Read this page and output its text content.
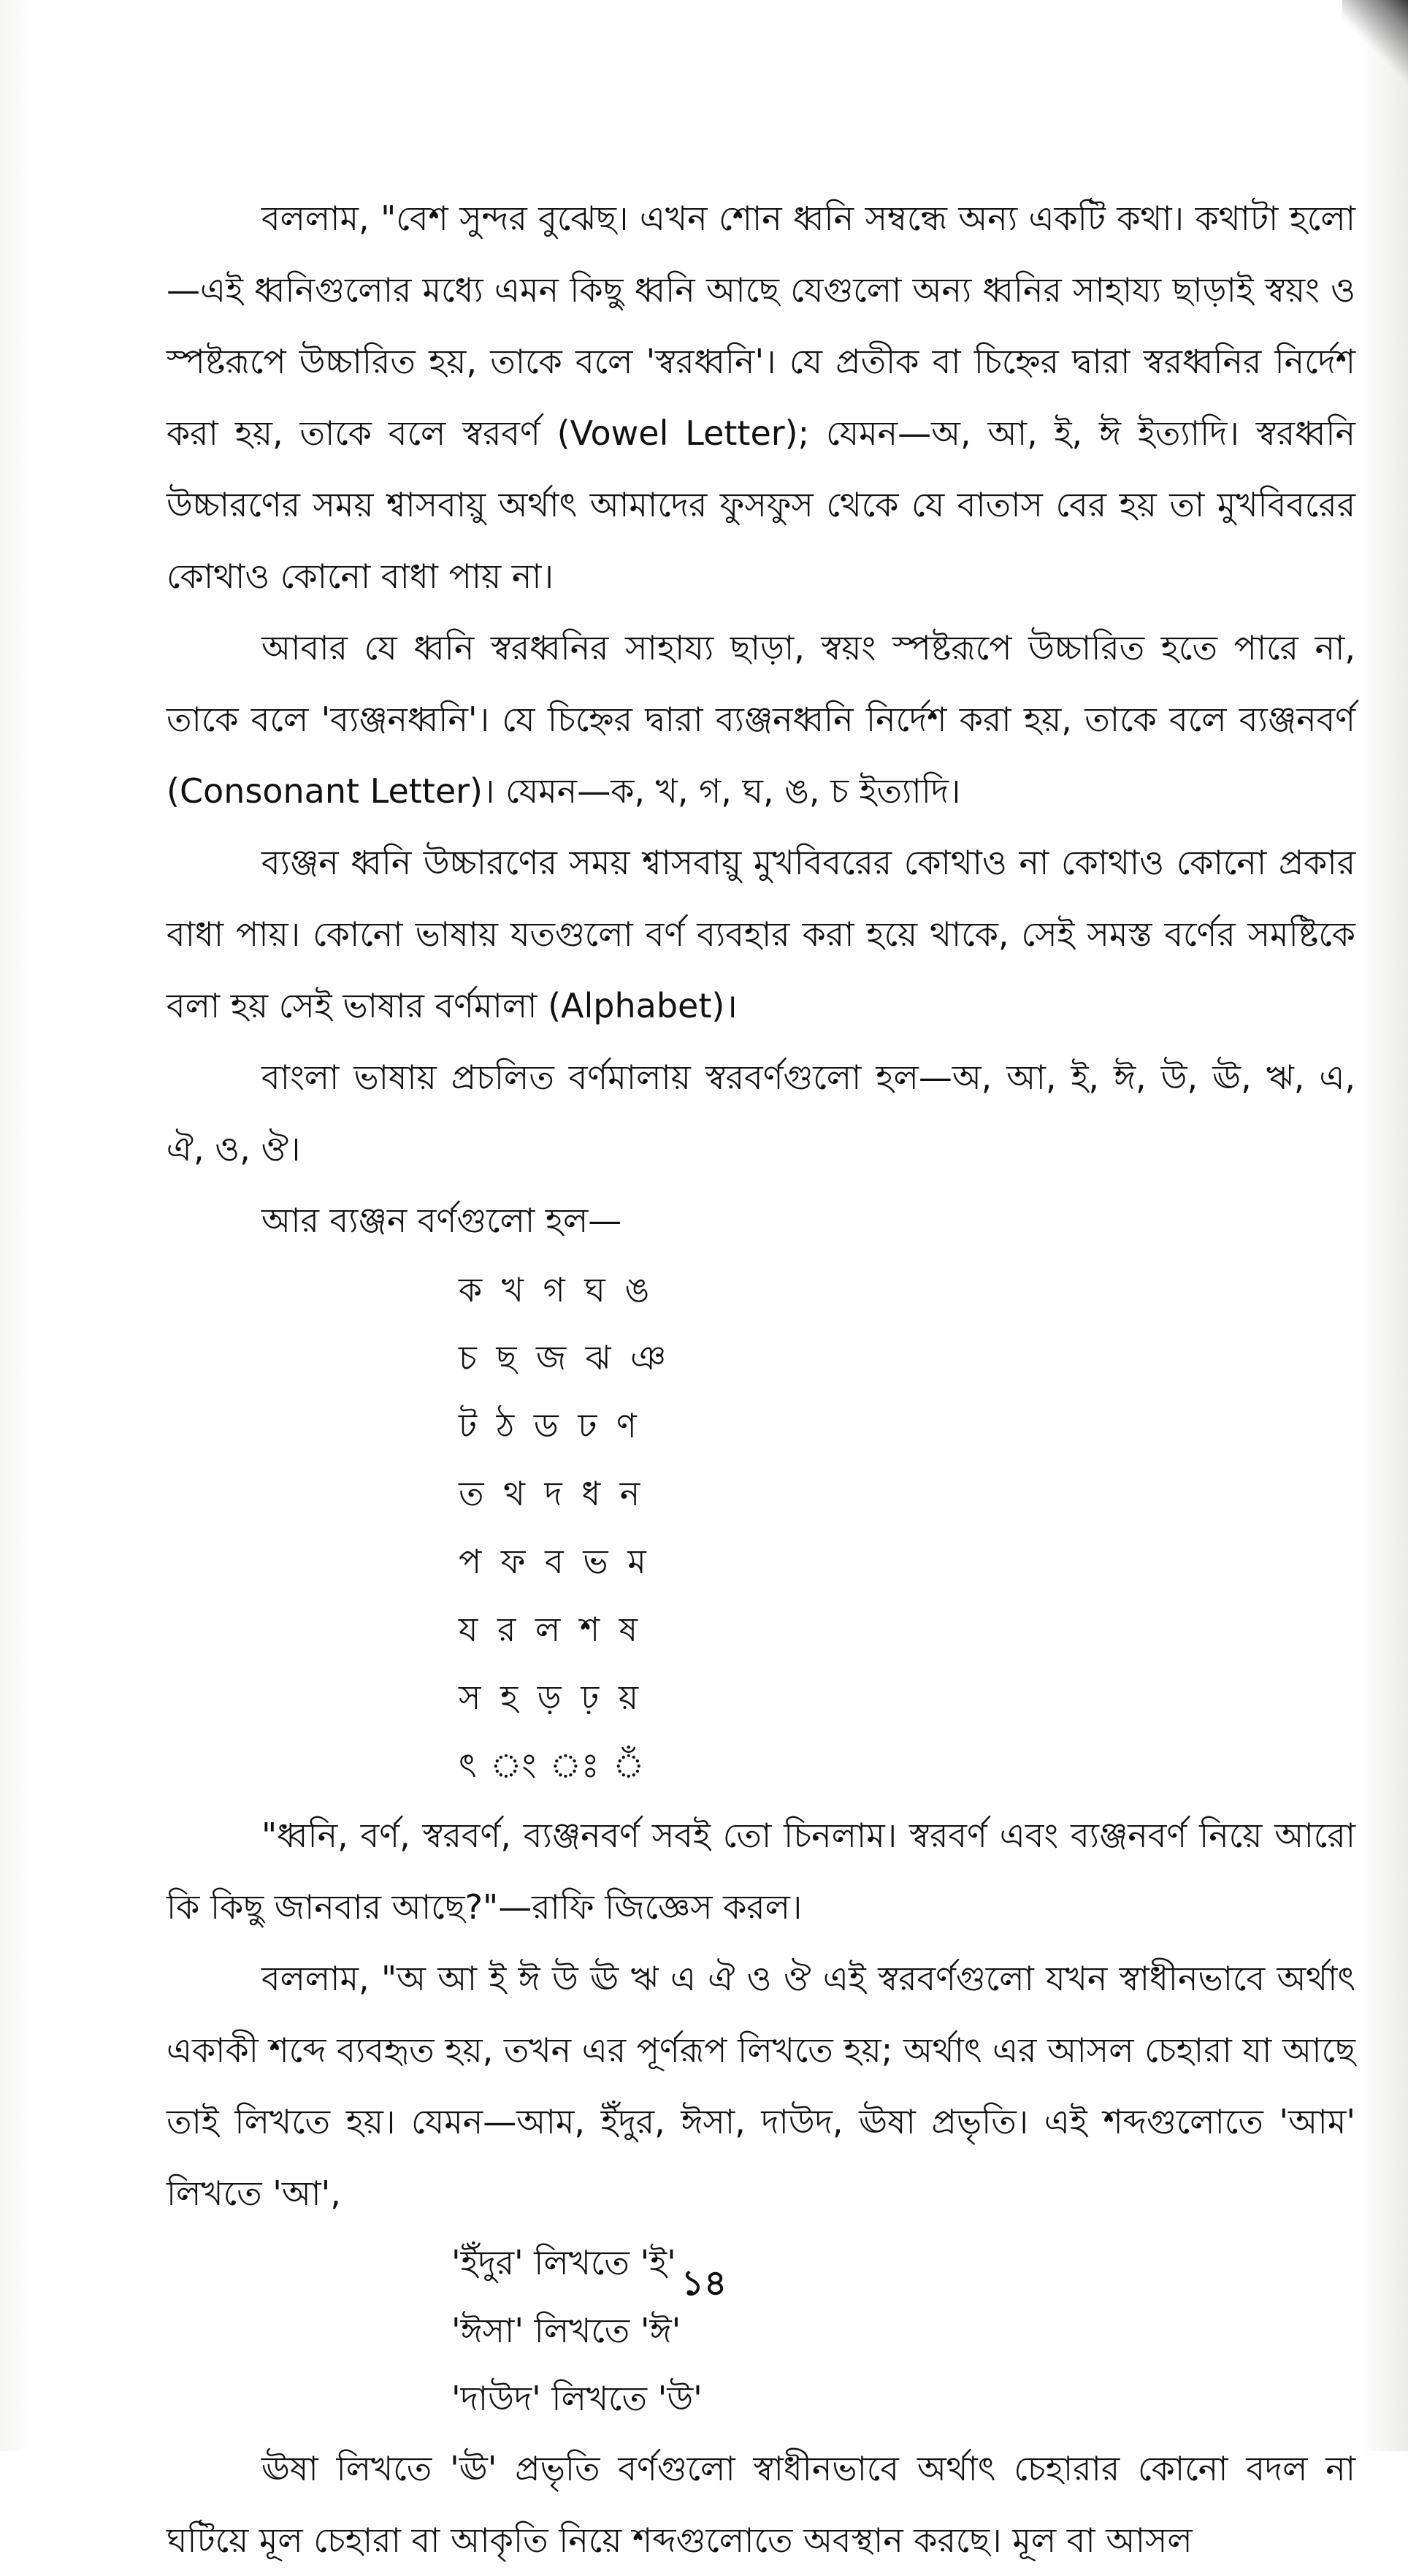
বললাম, "বেশ সুন্দর বুঝেছ। এখন শোন ধ্বনি সম্বন্ধে অন্য একটি কথা। কথাটা হলো—এই ধ্বনিগুলোর মধ্যে এমন কিছু ধ্বনি আছে যেগুলো অন্য ধ্বনির সাহায্য ছাড়াই স্বয়ং ও স্পষ্টরূপে উচ্চারিত হয়, তাকে বলে 'স্বরধ্বনি'। যে প্রতীক বা চিহ্নের দ্বারা স্বরধ্বনির নির্দেশ করা হয়, তাকে বলে স্বরবর্ণ (Vowel Letter); যেমন—অ, আ, ই, ঈ ইত্যাদি। স্বরধ্বনি উচ্চারণের সময় শ্বাসবায়ু অর্থাৎ আমাদের ফুসফুস থেকে যে বাতাস বের হয় তা মুখবিবরের কোথাও কোনো বাধা পায় না।

আবার যে ধ্বনি স্বরধ্বনির সাহায্য ছাড়া, স্বয়ং স্পষ্টরূপে উচ্চারিত হতে পারে না, তাকে বলে 'ব্যঞ্জনধ্বনি'। যে চিহ্নের দ্বারা ব্যঞ্জনধ্বনি নির্দেশ করা হয়, তাকে বলে ব্যঞ্জনবর্ণ (Consonant Letter)। যেমন—ক, খ, গ, ঘ, ঙ, চ ইত্যাদি।

ব্যঞ্জন ধ্বনি উচ্চারণের সময় শ্বাসবায়ু মুখবিবরের কোথাও না কোথাও কোনো প্রকার বাধা পায়। কোনো ভাষায় যতগুলো বর্ণ ব্যবহার করা হয়ে থাকে, সেই সমস্ত বর্ণের সমষ্টিকে বলা হয় সেই ভাষার বর্ণমালা (Alphabet)।

বাংলা ভাষায় প্রচলিত বর্ণমালায় স্বরবর্ণগুলো হল—অ, আ, ই, ঈ, উ, ঊ, ঋ, এ, ঐ, ও, ঔ।

আর ব্যঞ্জন বর্ণগুলো হল—

ক খ গ ঘ ঙ
চ ছ জ ঝ ঞ
ট ঠ ড ঢ ণ
ত থ দ ধ ন
প ফ ব ভ ম
য র ল শ ষ
স হ ড় ঢ় য়
ৎ ং ঃ ঁ

"ধ্বনি, বর্ণ, স্বরবর্ণ, ব্যঞ্জনবর্ণ সবই তো চিনলাম। স্বরবর্ণ এবং ব্যঞ্জনবর্ণ নিয়ে আরো কি কিছু জানবার আছে?"—রাফি জিজ্ঞেস করল।

বললাম, "অ আ ই ঈ উ ঊ ঋ এ ঐ ও ঔ এই স্বরবর্ণগুলো যখন স্বাধীনভাবে অর্থাৎ একাকী শব্দে ব্যবহৃত হয়, তখন এর পূর্ণরূপ লিখতে হয়; অর্থাৎ এর আসল চেহারা যা আছে তাই লিখতে হয়। যেমন—আম, ইঁদুর, ঈসা, দাউদ, ঊষা প্রভৃতি। এই শব্দগুলোতে 'আম' লিখতে 'আ',

'ইঁদুর' লিখতে 'ই'
'ঈসা' লিখতে 'ঈ'
'দাউদ' লিখতে 'উ'

ঊষা লিখতে 'ঊ' প্রভৃতি বর্ণগুলো স্বাধীনভাবে অর্থাৎ চেহারার কোনো বদল না ঘটিয়ে মূল চেহারা বা আকৃতি নিয়ে শব্দগুলোতে অবস্থান করছে। মূল বা আসল

১৪
